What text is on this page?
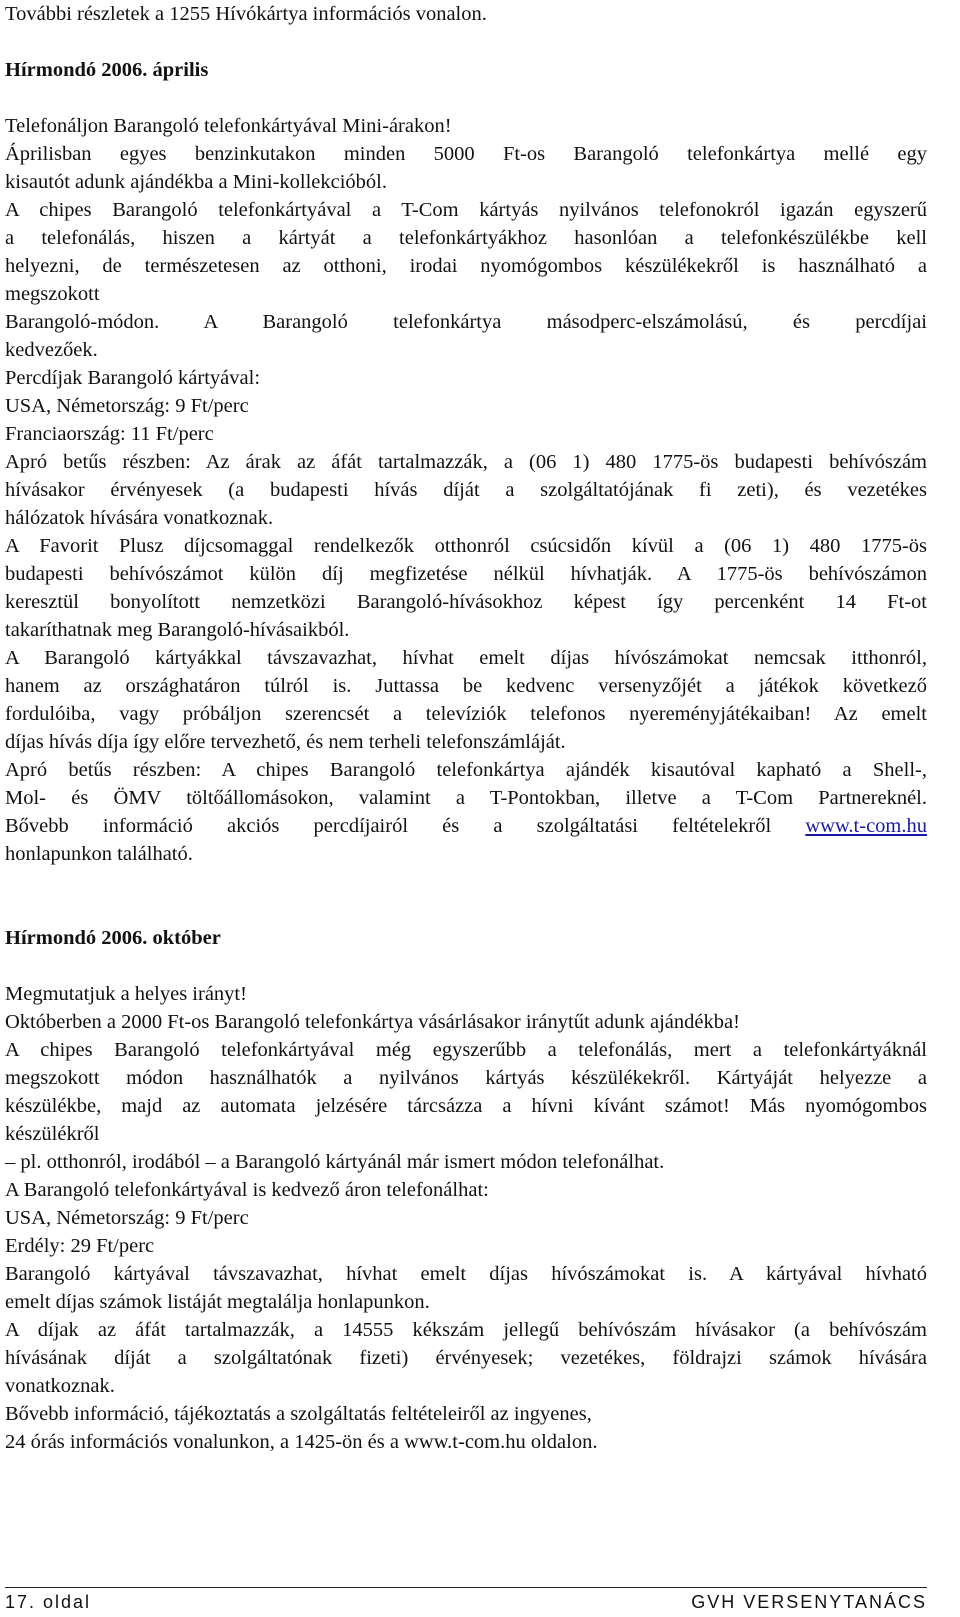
További részletek a 1255 Hívókártya információs vonalon.

Hírmondó 2006. április

Telefonáljon Barangoló telefonkártyával Mini-árakon!

Áprilisban egyes benzinkutakon minden 5000 Ft-os Barangoló telefonkártya mellé egy

kisautót adunk ajándékba a Mini-kollekcióból.

A chipes Barangoló telefonkártyával a T-Com kártyás nyilvános telefonokról igazán egyszerű

a telefonálás, hiszen a kártyát a telefonkártyákhoz hasonlóan a telefonkészülékbe kell

helyezni, de természetesen az otthoni, irodai nyomógombos készülékekről is használható a

megszokott

Barangoló-módon. A Barangoló telefonkártya másodperc-elszámolású, és percdíjai

kedvezőek.

Percdíjak Barangoló kártyával:

USA, Németország: 9 Ft/perc

Franciaország: 11 Ft/perc

Apró betűs részben: Az árak az áfát tartalmazzák, a (06 1) 480 1775-ös budapesti behívószám

hívásakor érvényesek (a budapesti hívás díját a szolgáltatójának fi zeti), és vezetékes

hálózatok hívására vonatkoznak.

A Favorit Plusz díjcsomaggal rendelkezők otthonról csúcsidőn kívül a (06 1) 480 1775-ös

budapesti behívószámot külön díj megfizetése nélkül hívhatják. A 1775-ös behívószámon

keresztül bonyolított nemzetközi Barangoló-hívásokhoz képest így percenként 14 Ft-ot

takaríthatnak meg Barangoló-hívásaikból.

A Barangoló kártyákkal távszavazhat, hívhat emelt díjas hívószámokat nemcsak itthonról,

hanem az országhatáron túlról is. Juttassa be kedvenc versenyzőjét a játékok következő

fordulóiba, vagy próbáljon szerencsét a televíziók telefonos nyereményjátékaiban! Az emelt

díjas hívás díja így előre tervezhető, és nem terheli telefonszámláját.

Apró betűs részben: A chipes Barangoló telefonkártya ajándék kisautóval kapható a Shell-,

Mol- és ÖMV töltőállomásokon, valamint a T-Pontokban, illetve a T-Com Partnereknél.

Bővebb információ akciós percdíjairól és a szolgáltatási feltételekről www.t-com.hu

honlapunkon található.

Hírmondó 2006. október

Megmutatjuk a helyes irányt!

Októberben a 2000 Ft-os Barangoló telefonkártya vásárlásakor iránytűt adunk ajándékba!

A chipes Barangoló telefonkártyával még egyszerűbb a telefonálás, mert a telefonkártyáknál

megszokott módon használhatók a nyilvános kártyás készülékekről. Kártyáját helyezze a

készülékbe, majd az automata jelzésére tárcsázza a hívni kívánt számot! Más nyomógombos

készülékről

– pl. otthonról, irodából – a Barangoló kártyánál már ismert módon telefonálhat.

A Barangoló telefonkártyával is kedvező áron telefonálhat:

USA, Németország: 9 Ft/perc

Erdély: 29 Ft/perc

Barangoló kártyával távszavazhat, hívhat emelt díjas hívószámokat is. A kártyával hívható

emelt díjas számok listáját megtalálja honlapunkon.

A díjak az áfát tartalmazzák, a 14555 kékszám jellegű behívószám hívásakor (a behívószám

hívásának díját a szolgáltatónak fizeti) érvényesek; vezetékes, földrajzi számok hívására

vonatkoznak.

Bővebb információ, tájékoztatás a szolgáltatás feltételeiről az ingyenes,

24 órás információs vonalunkon, a 1425-ön és a www.t-com.hu oldalon.

17. oldal	GVH VERSENYTANÁCS
